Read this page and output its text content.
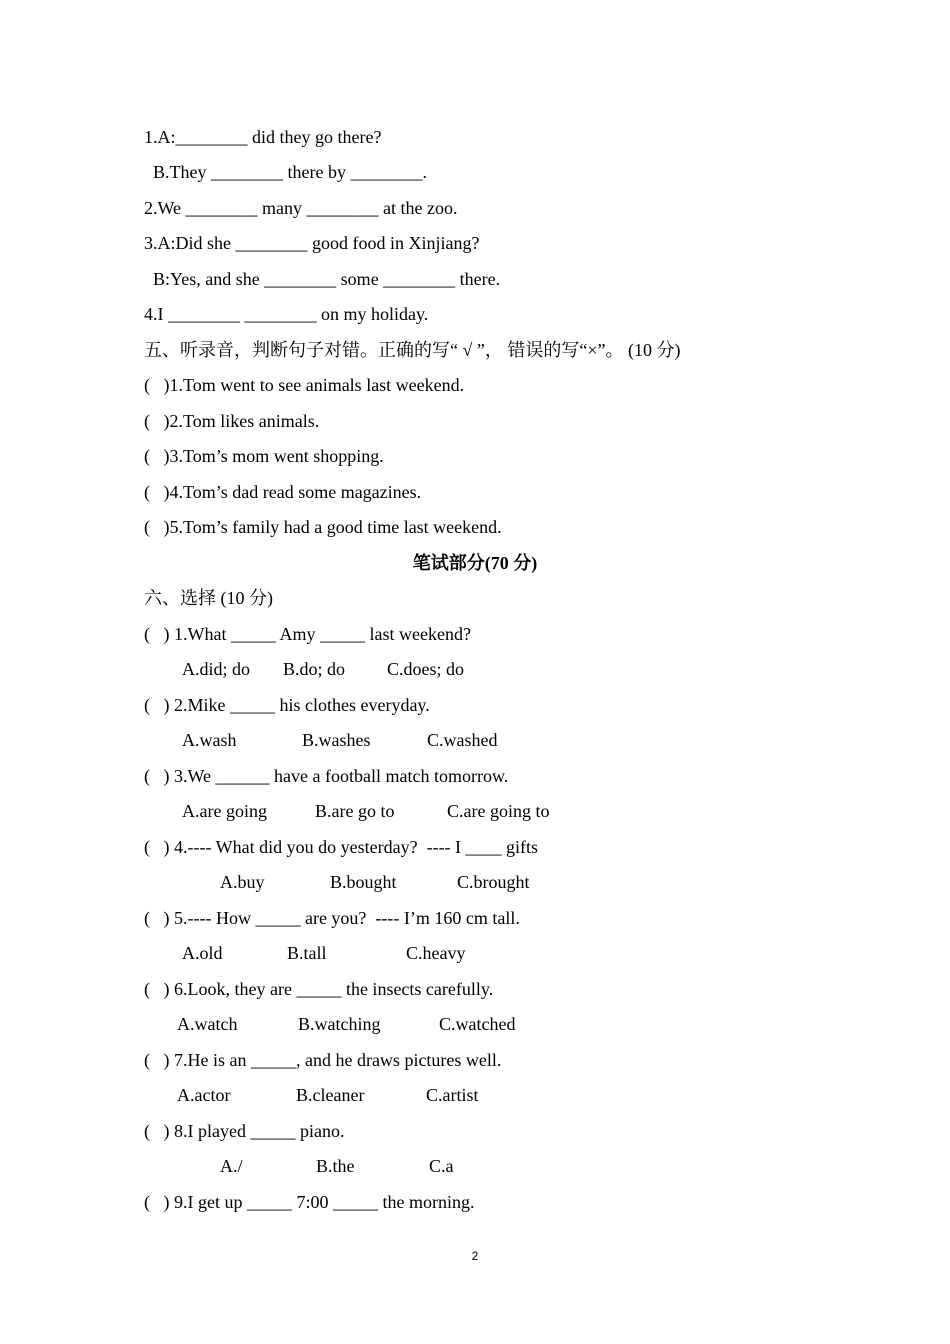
1.A:________ did they go there?
B.They ________ there by ________.
2.We ________ many ________ at the zoo.
3.A:Did she ________ good food in Xinjiang?
B:Yes, and she ________ some ________ there.
4.I ________ ________ on my holiday.
五、听录音，判断句子对错。正确的写“ √ ”， 错误的写“×”。 (10 分)
(   )1.Tom went to see animals last weekend.
(   )2.Tom likes animals.
(   )3.Tom’s mom went shopping.
(   )4.Tom’s dad read some magazines.
(   )5.Tom’s family had a good time last weekend.
笔试部分(70 分)
六、选择 (10 分)
(   ) 1.What _____ Amy _____ last weekend?
A.did; do B.do; do C.does; do
(   ) 2.Mike _____ his clothes everyday.
A.wash	B.washes	C.washed
(   ) 3.We ______ have a football match tomorrow.
A.are going	B.are go to	C.are going to
(   ) 4.---- What did you do yesterday?  ---- I ____ gifts
A.buy	B.bought	C.brought
(   ) 5.---- How _____ are you?  ---- I’m 160 cm tall.
A.old	B.tall	C.heavy
(   ) 6.Look, they are _____ the insects carefully.
A.watch	B.watching	C.watched
(   ) 7.He is an _____, and he draws pictures well.
A.actor	B.cleaner	C.artist
(   ) 8.I played _____ piano.
A./	B.the	C.a
(   ) 9.I get up _____ 7:00 _____ the morning.
2
